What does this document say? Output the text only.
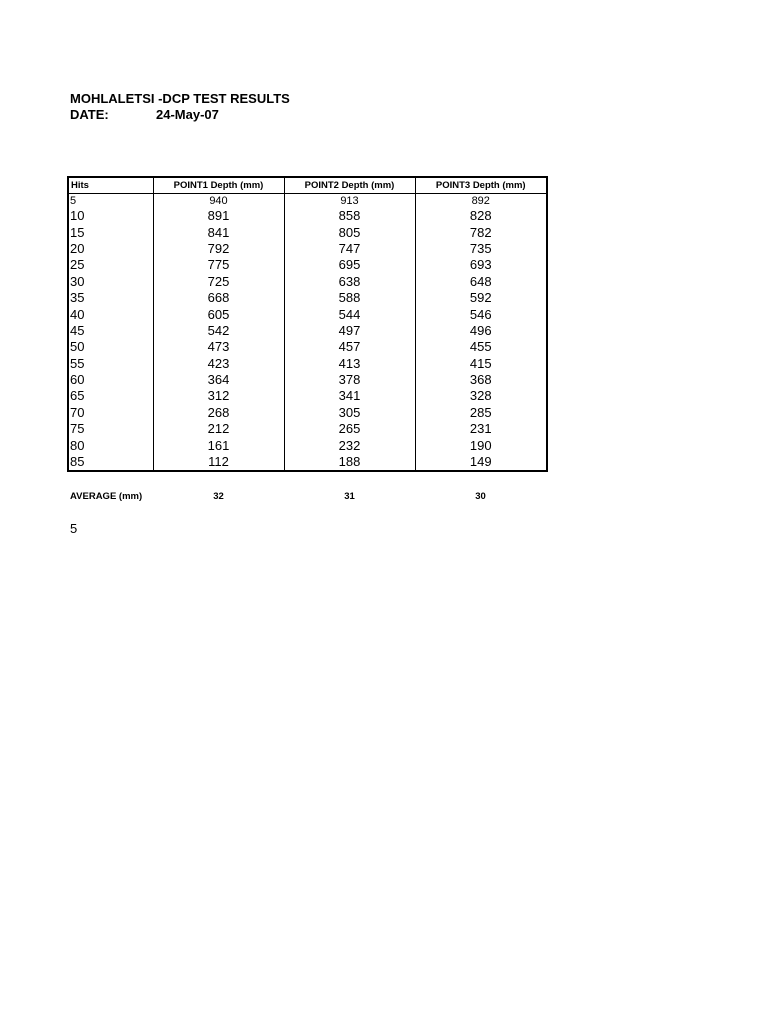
MOHLALETSI -DCP TEST RESULTS
DATE:	24-May-07
Hits	POINT1 Depth (mm)	POINT2 Depth (mm)	POINT3 Depth (mm)
5	940	913	892
10	891	858	828
15	841	805	782
20	792	747	735
25	775	695	693
30	725	638	648
35	668	588	592
40	605	544	546
45	542	497	496
50	473	457	455
55	423	413	415
60	364	378	368
65	312	341	328
70	268	305	285
75	212	265	231
80	161	232	190
85	112	188	149
AVERAGE (mm)	32	31	30
5
